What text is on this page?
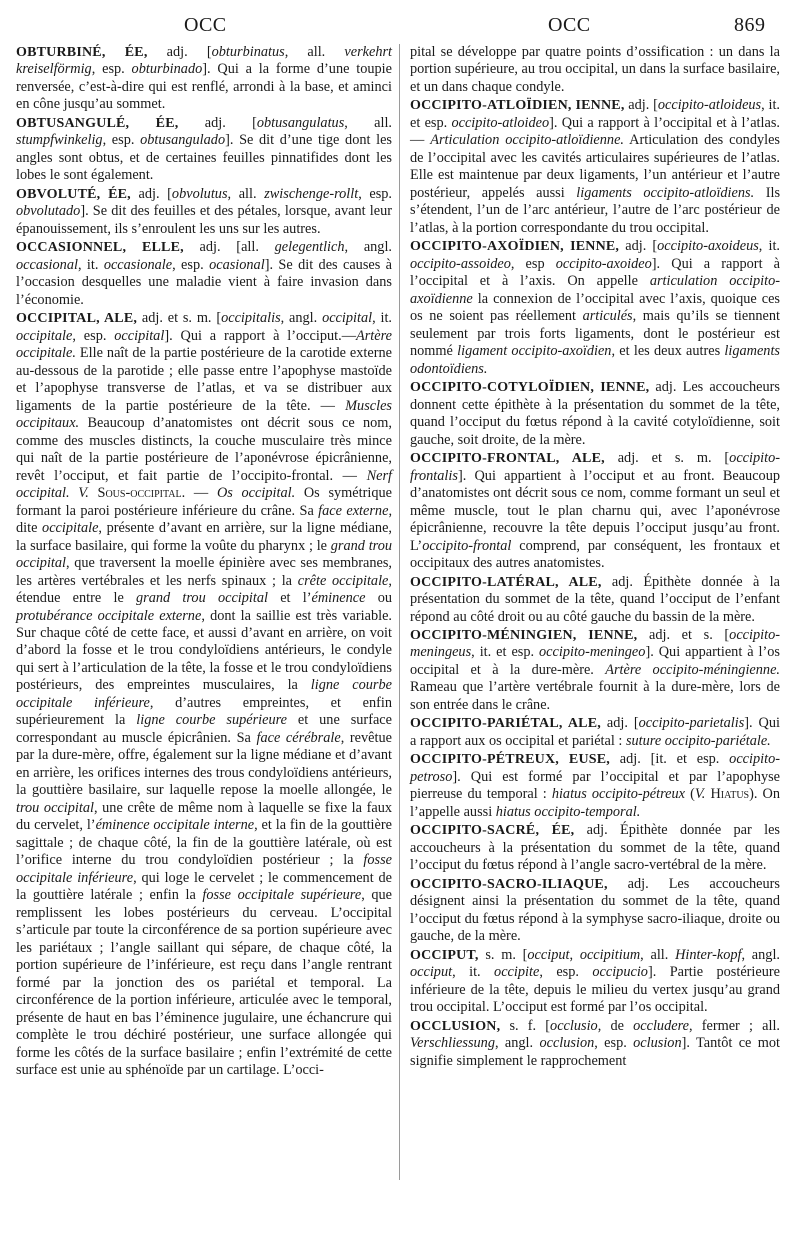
OCC	OCC	869

OBTURBINÉ, ÉE, adj. [obturbinatus, all. verkehrt kreiselförmig, esp. obturbinado]. Qui a la forme d’une toupie renversée, c’est-à-dire qui est renflé, arrondi à la base, et aminci en cône jusqu’au sommet.

OBTUSANGULÉ, ÉE, adj. [obtusangulatus, all. stumpfwinkelig, esp. obtusangulado]. Se dit d’une tige dont les angles sont obtus, et de certaines feuilles pinnatifides dont les lobes le sont également.

OBVOLUTÉ, ÉE, adj. [obvolutus, all. zwischenge-rollt, esp. obvolutado]. Se dit des feuilles et des pétales, lorsque, avant leur épanouissement, ils s’enroulent les uns sur les autres.

OCCASIONNEL, ELLE, adj. [all. gelegentlich, angl. occasional, it. occasionale, esp. ocasional]. Se dit des causes à l’occasion desquelles une maladie vient à faire invasion dans l’économie.

OCCIPITAL, ALE, adj. et s. m. [occipitalis, angl. occipital, it. occipitale, esp. occipital]. Qui a rapport à l’occiput.—Artère occipitale. Elle naît de la partie postérieure de la carotide externe au-dessous de la parotide ; elle passe entre l’apophyse mastoïde et l’apophyse transverse de l’atlas, et va se distribuer aux ligaments de la partie postérieure de la tête. — Muscles occipitaux. Beaucoup d’anatomistes ont décrit sous ce nom, comme des muscles distincts, la couche musculaire très mince qui naît de la partie postérieure de l’aponévrose épicrânienne, revêt l’occiput, et fait partie de l’occipito-frontal. — Nerf occipital. V. Sous-occipital. — Os occipital. Os symétrique formant la paroi postérieure inférieure du crâne. Sa face externe, dite occipitale, présente d’avant en arrière, sur la ligne médiane, la surface basilaire, qui forme la voûte du pharynx ; le grand trou occipital, que traversent la moelle épinière avec ses membranes, les artères vertébrales et les nerfs spinaux ; la crête occipitale, étendue entre le grand trou occipital et l’éminence ou protubérance occipitale externe, dont la saillie est très variable. Sur chaque côté de cette face, et aussi d’avant en arrière, on voit d’abord la fosse et le trou condyloïdiens antérieurs, le condyle qui sert à l’articulation de la tête, la fosse et le trou condyloïdiens postérieurs, des empreintes musculaires, la ligne courbe occipitale inférieure, d’autres empreintes, et enfin supérieurement la ligne courbe supérieure et une surface correspondant au muscle épicrânien. Sa face cérébrale, revêtue par la dure-mère, offre, également sur la ligne médiane et d’avant en arrière, les orifices internes des trous condyloïdiens antérieurs, la gouttière basilaire, sur laquelle repose la moelle allongée, le trou occipital, une crête de même nom à laquelle se fixe la faux du cervelet, l’éminence occipitale interne, et la fin de la gouttière sagittale ; de chaque côté, la fin de la gouttière latérale, où est l’orifice interne du trou condyloïdien postérieur ; la fosse occipitale inférieure, qui loge le cervelet ; le commencement de la gouttière latérale ; enfin la fosse occipitale supérieure, que remplissent les lobes postérieurs du cerveau. L’occipital s’articule par toute la circonférence de sa portion supérieure avec les pariétaux ; l’angle saillant qui sépare, de chaque côté, la portion supérieure de l’inférieure, est reçu dans l’angle rentrant formé par la jonction des os pariétal et temporal. La circonférence de la portion inférieure, articulée avec le temporal, présente de haut en bas l’éminence jugulaire, une échancrure qui complète le trou déchiré postérieur, une surface allongée qui forme les côtés de la surface basilaire ; enfin l’extrémité de cette surface est unie au sphénoïde par un cartilage. L’occi-

pital se développe par quatre points d’ossification : un dans la portion supérieure, au trou occipital, un dans la surface basilaire, et un dans chaque condyle.

OCCIPITO-ATLOÏDIEN, IENNE, adj. [occipito-atloideus, it. et esp. occipito-atloideo]. Qui a rapport à l’occipital et à l’atlas. — Articulation occipito-atloïdienne. Articulation des condyles de l’occipital avec les cavités articulaires supérieures de l’atlas. Elle est maintenue par deux ligaments, l’un antérieur et l’autre postérieur, appelés aussi ligaments occipito-atloïdiens. Ils s’étendent, l’un de l’arc antérieur, l’autre de l’arc postérieur de l’atlas, à la portion correspondante du trou occipital.

OCCIPITO-AXOÏDIEN, IENNE, adj. [occipito-axoideus, it. occipito-assoideo, esp occipito-axoideo]. Qui a rapport à l’occipital et à l’axis. On appelle articulation occipito-axoïdienne la connexion de l’occipital avec l’axis, quoique ces os ne soient pas réellement articulés, mais qu’ils se tiennent seulement par trois forts ligaments, dont le postérieur est nommé ligament occipito-axoïdien, et les deux autres ligaments odontoïdiens.

OCCIPITO-COTYLOÏDIEN, IENNE, adj. Les accoucheurs donnent cette épithète à la présentation du sommet de la tête, quand l’occiput du fœtus répond à la cavité cotyloïdienne, soit gauche, soit droite, de la mère.

OCCIPITO-FRONTAL, ALE, adj. et s. m. [occipito-frontalis]. Qui appartient à l’occiput et au front. Beaucoup d’anatomistes ont décrit sous ce nom, comme formant un seul et même muscle, tout le plan charnu qui, avec l’aponévrose épicrânienne, recouvre la tête depuis l’occiput jusqu’au front. L’occipito-frontal comprend, par conséquent, les frontaux et occipitaux des autres anatomistes.

OCCIPITO-LATÉRAL, ALE, adj. Épithète donnée à la présentation du sommet de la tête, quand l’occiput de l’enfant répond au côté droit ou au côté gauche du bassin de la mère.

OCCIPITO-MÉNINGIEN, IENNE, adj. et s. [occipito-meningeus, it. et esp. occipito-meningeo]. Qui appartient à l’os occipital et à la dure-mère. Artère occipito-méningienne. Rameau que l’artère vertébrale fournit à la dure-mère, lors de son entrée dans le crâne.

OCCIPITO-PARIÉTAL, ALE, adj. [occipito-parietalis]. Qui a rapport aux os occipital et pariétal : suture occipito-pariétale.

OCCIPITO-PÉTREUX, EUSE, adj. [it. et esp. occipito-petroso]. Qui est formé par l’occipital et par l’apophyse pierreuse du temporal : hiatus occipito-pétreux (V. Hiatus). On l’appelle aussi hiatus occipito-temporal.

OCCIPITO-SACRÉ, ÉE, adj. Épithète donnée par les accoucheurs à la présentation du sommet de la tête, quand l’occiput du fœtus répond à l’angle sacro-vertébral de la mère.

OCCIPITO-SACRO-ILIAQUE, adj. Les accoucheurs désignent ainsi la présentation du sommet de la tête, quand l’occiput du fœtus répond à la symphyse sacro-iliaque, droite ou gauche, de la mère.

OCCIPUT, s. m. [occiput, occipitium, all. Hinter-kopf, angl. occiput, it. occipite, esp. occipucio]. Partie postérieure inférieure de la tête, depuis le milieu du vertex jusqu’au grand trou occipital. L’occiput est formé par l’os occipital.

OCCLUSION, s. f. [occlusio, de occludere, fermer ; all. Verschliessung, angl. occlusion, esp. oclusion]. Tantôt ce mot signifie simplement le rapprochement
